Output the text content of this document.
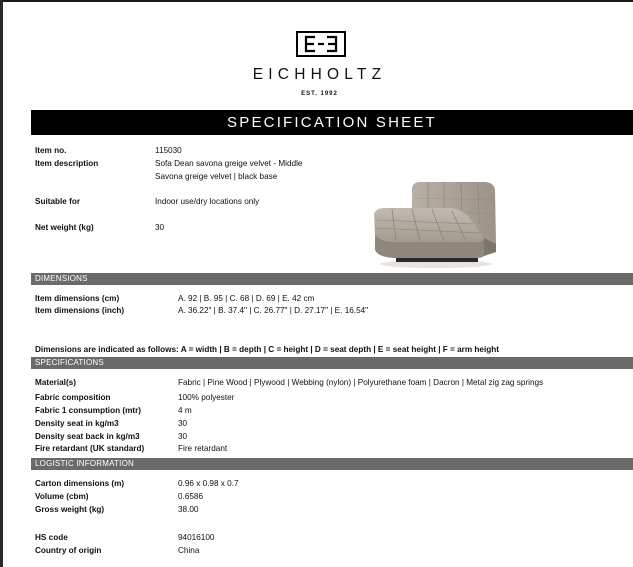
EICHHOLTZ
EST. 1992
SPECIFICATION SHEET
Item no.	115030
Item description	Sofa Dean savona greige velvet - Middle
Savona greige velvet | black base
Suitable for	Indoor use/dry locations only
Net weight (kg)	30
DIMENSIONS
Item dimensions (cm)	A. 92 | B. 95 | C. 68 | D. 69 | E. 42 cm
Item dimensions (inch)	A. 36.22" | B. 37.4" | C. 26.77" | D. 27.17" | E. 16.54"
Dimensions are indicated as follows: A = width | B = depth | C = height | D = seat depth | E = seat height | F = arm height
SPECIFICATIONS
Material(s)	Fabric | Pine Wood | Plywood | Webbing (nylon) | Polyurethane foam | Dacron | Metal zig zag springs
Fabric composition	100% polyester
Fabric 1 consumption (mtr)	4 m
Density seat in kg/m3	30
Density seat back in kg/m3	30
Fire retardant (UK standard)	Fire retardant
LOGISTIC INFORMATION
Carton dimensions (m)	0.96 x 0.98 x 0.7
Volume (cbm)	0.6586
Gross weight (kg)	38.00
HS code	94016100
Country of origin	China
